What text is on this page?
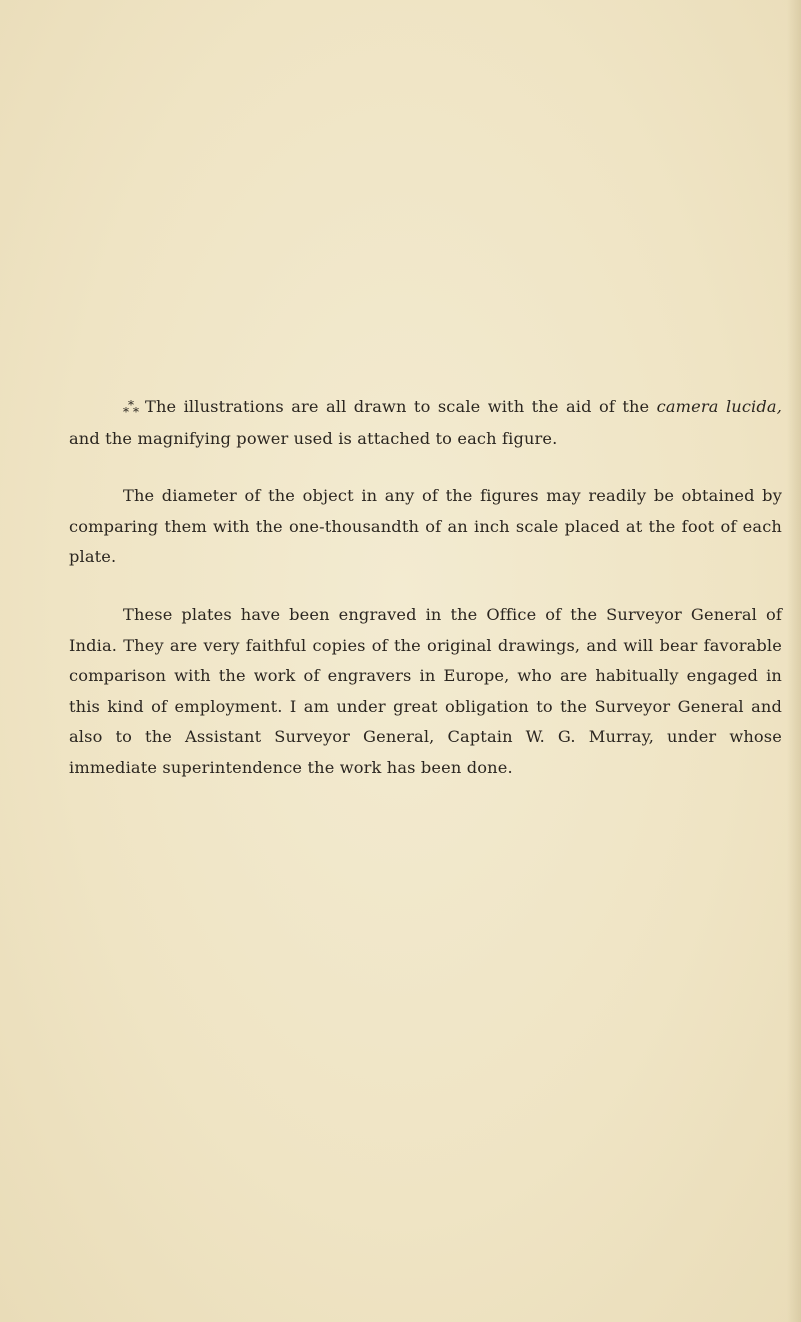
$_{*^**}$ The illustrations are all drawn to scale with the aid of the camera lucida, and the magnifying power used is attached to each figure.

The diameter of the object in any of the figures may readily be obtained by comparing them with the one-thousandth of an inch scale placed at the foot of each plate.

These plates have been engraved in the Office of the Surveyor General of India. They are very faithful copies of the original drawings, and will bear favorable comparison with the work of engravers in Europe, who are habitually engaged in this kind of employment. I am under great obligation to the Surveyor General and also to the Assistant Surveyor General, Captain W. G. Murray, under whose immediate superintendence the work has been done.
